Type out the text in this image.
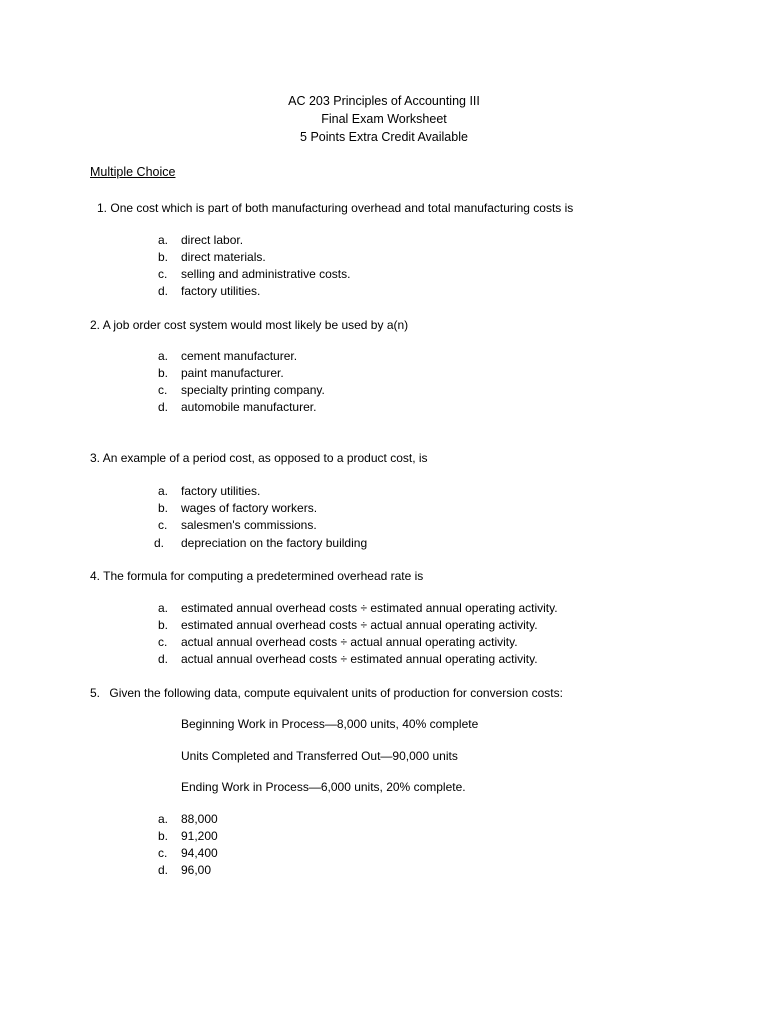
AC 203 Principles of Accounting III
Final Exam Worksheet
5 Points Extra Credit Available
Multiple Choice
1. One cost which is part of both manufacturing overhead and total manufacturing costs is
a.	direct labor.
b.	direct materials.
c.	selling and administrative costs.
d.	factory utilities.
2. A job order cost system would most likely be used by a(n)
a.	cement manufacturer.
b.	paint manufacturer.
c.	specialty printing company.
d.	automobile manufacturer.
3. An example of a period cost, as opposed to a product cost, is
a.	factory utilities.
b.	wages of factory workers.
c.	salesmen's commissions.
d.	depreciation on the factory building
4. The formula for computing a predetermined overhead rate is
a.	estimated annual overhead costs ÷ estimated annual operating activity.
b.	estimated annual overhead costs ÷ actual annual operating activity.
c.	actual annual overhead costs ÷ actual annual operating activity.
d.	actual annual overhead costs ÷ estimated annual operating activity.
5. Given the following data, compute equivalent units of production for conversion costs:
Beginning Work in Process—8,000 units, 40% complete
Units Completed and Transferred Out—90,000 units
Ending Work in Process—6,000 units, 20% complete.
a.	88,000
b.	91,200
c.	94,400
d.	96,00
